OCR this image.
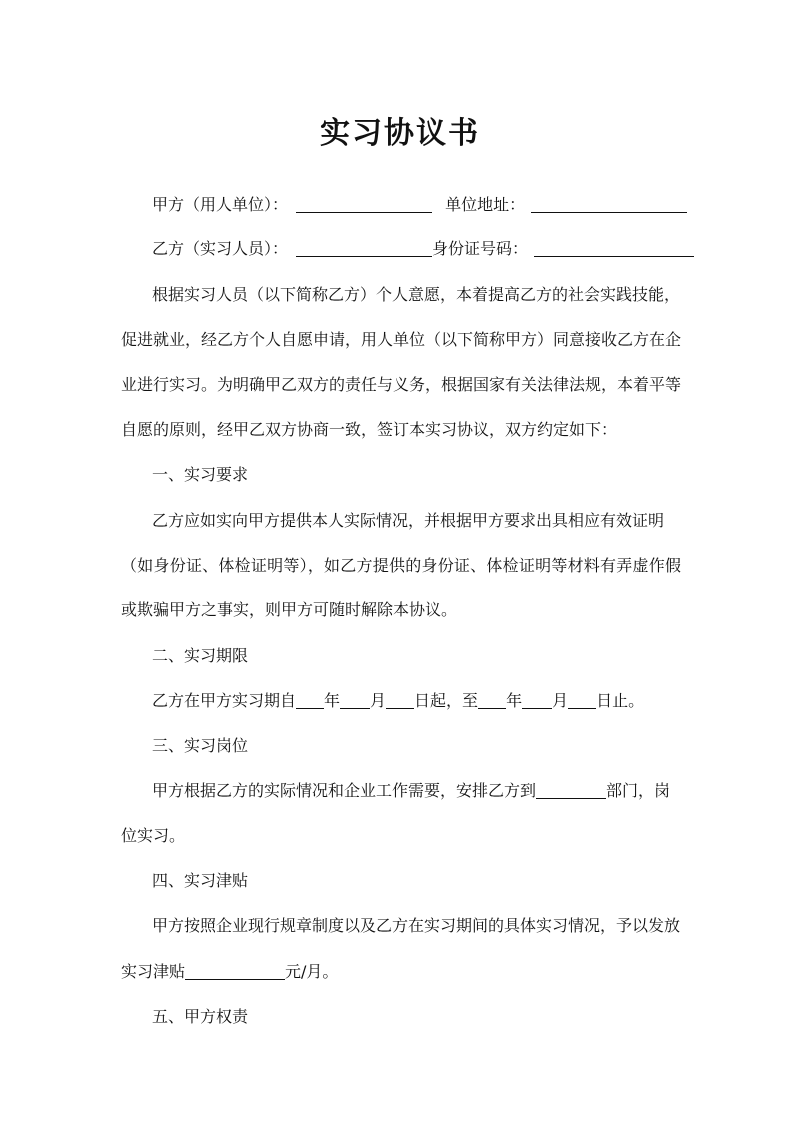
实习协议书
甲方（用人单位）：	单位地址：
乙方（实习人员）：	身份证号码：
根据实习人员（以下简称乙方）个人意愿，本着提高乙方的社会实践技能，
促进就业，经乙方个人自愿申请，用人单位（以下简称甲方）同意接收乙方在企
业进行实习。为明确甲乙双方的责任与义务，根据国家有关法律法规，本着平等
自愿的原则，经甲乙双方协商一致，签订本实习协议，双方约定如下：
一、实习要求
乙方应如实向甲方提供本人实际情况，并根据甲方要求出具相应有效证明
（如身份证、体检证明等），如乙方提供的身份证、体检证明等材料有弄虚作假
或欺骗甲方之事实，则甲方可随时解除本协议。
二、实习期限
乙方在甲方实习期自 年 月 日起，至 年 月 日止。
三、实习岗位
甲方根据乙方的实际情况和企业工作需要，安排乙方到	部门，岗
位实习。
四、实习津贴
甲方按照企业现行规章制度以及乙方在实习期间的具体实习情况，予以发放
实习津贴	元/月。
五、甲方权责
